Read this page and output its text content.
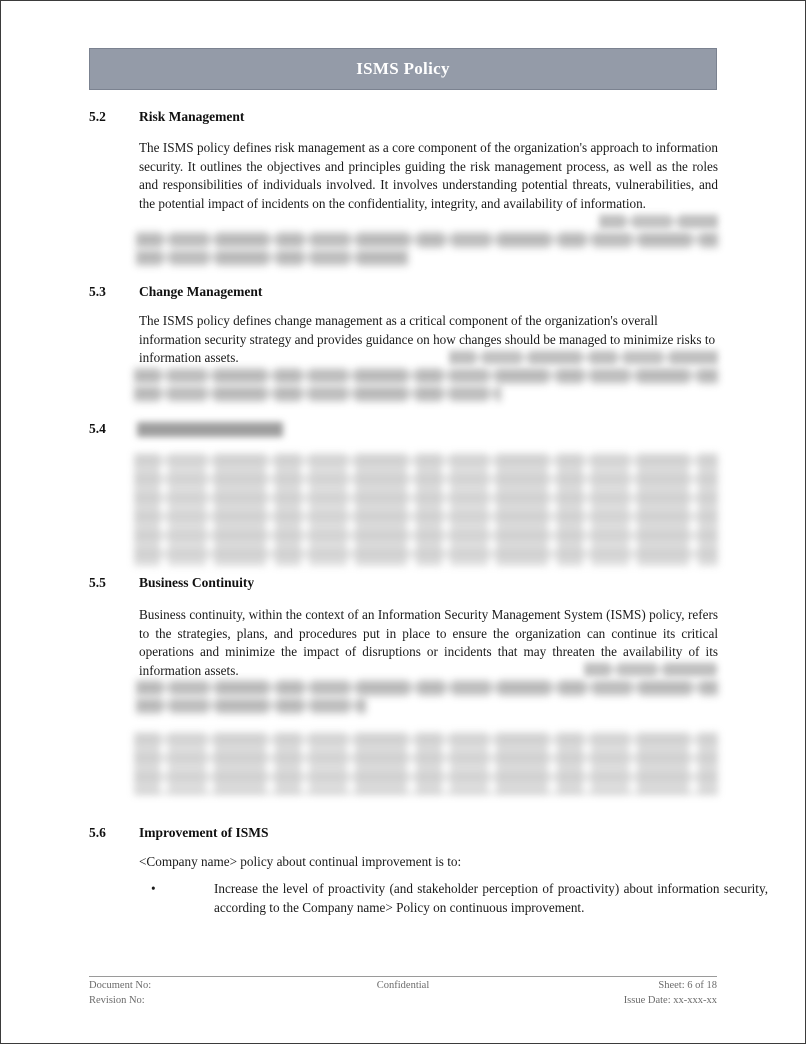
ISMS Policy
5.2 Risk Management
The ISMS policy defines risk management as a core component of the organization's approach to information security. It outlines the objectives and principles guiding the risk management process, as well as the roles and responsibilities of individuals involved. It involves understanding potential threats, vulnerabilities, and the potential impact of incidents on the confidentiality, integrity, and availability of information.
5.3 Change Management
The ISMS policy defines change management as a critical component of the organization's overall information security strategy and provides guidance on how changes should be managed to minimize risks to information assets.
5.4
5.5 Business Continuity
Business continuity, within the context of an Information Security Management System (ISMS) policy, refers to the strategies, plans, and procedures put in place to ensure the organization can continue its critical operations and minimize the impact of disruptions or incidents that may threaten the availability of its information assets.
5.6 Improvement of ISMS
<Company name> policy about continual improvement is to:
•	Increase the level of proactivity (and stakeholder perception of proactivity) about information security, according to the Company name> Policy on continuous improvement.
Document No:	Confidential	Sheet: 6 of 18
Revision No:	Issue Date: xx-xxx-xx
